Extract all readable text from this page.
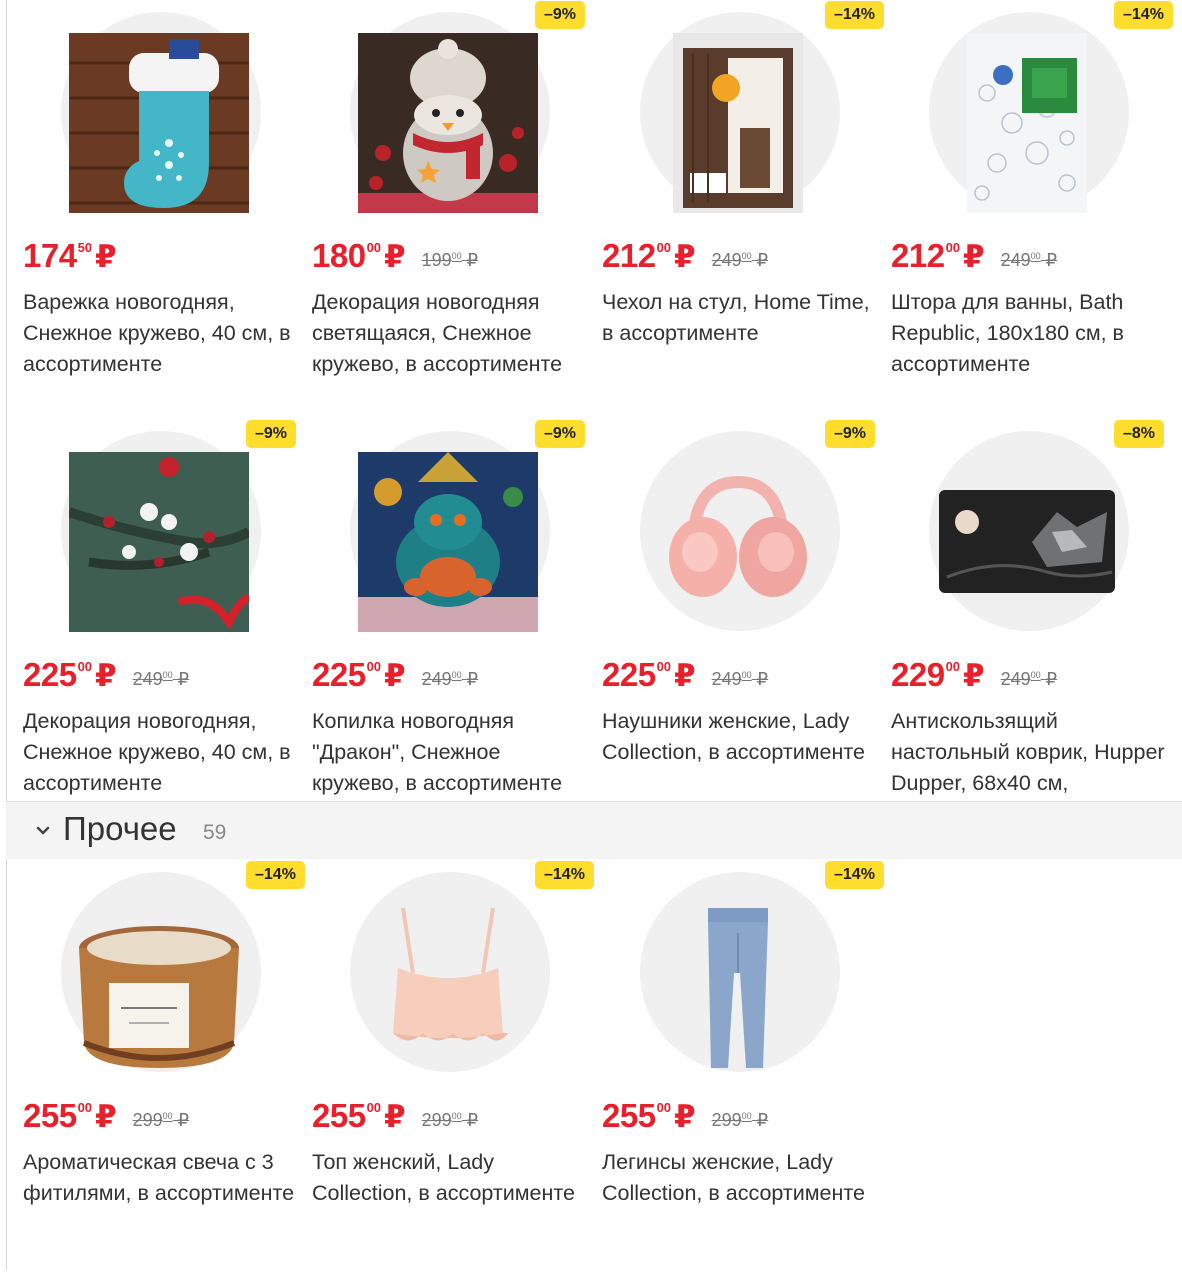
$174^{50}₽$
Варежка новогодняя, Снежное кружево, 40 см, в ассортименте
–9%
$180^{00}₽$ $199^{00}$ ₽
Декорация новогодняя светящаяся, Снежное кружево, в ассортименте
–14%
$212^{00}₽$ $249^{00}$ ₽
Чехол на стул, Home Time, в ассортименте
–14%
$212^{00}₽$ $249^{00}$ ₽
Штора для ванны, Bath Republic, 180x180 см, в ассортименте
–9%
$225^{00}₽$ $249^{00}$ ₽
Декорация новогодняя, Снежное кружево, 40 см, в ассортименте
–9%
$225^{00}₽$ $249^{00}$ ₽
Копилка новогодняя "Дракон", Снежное кружево, в ассортименте
–9%
$225^{00}₽$ $249^{00}$ ₽
Наушники женские, Lady Collection, в ассортименте
–8%
$229^{00}₽$ $249^{00}$ ₽
Антискользящий настольный коврик, Hupper Dupper, 68x40 см,
Прочее 59
–14%
$255^{00}₽$ $299^{00}$ ₽
Ароматическая свеча с 3 фитилями, в ассортименте
–14%
$255^{00}₽$ $299^{00}$ ₽
Топ женский, Lady Collection, в ассортименте
–14%
$255^{00}₽$ $299^{00}$ ₽
Легинсы женские, Lady Collection, в ассортименте
